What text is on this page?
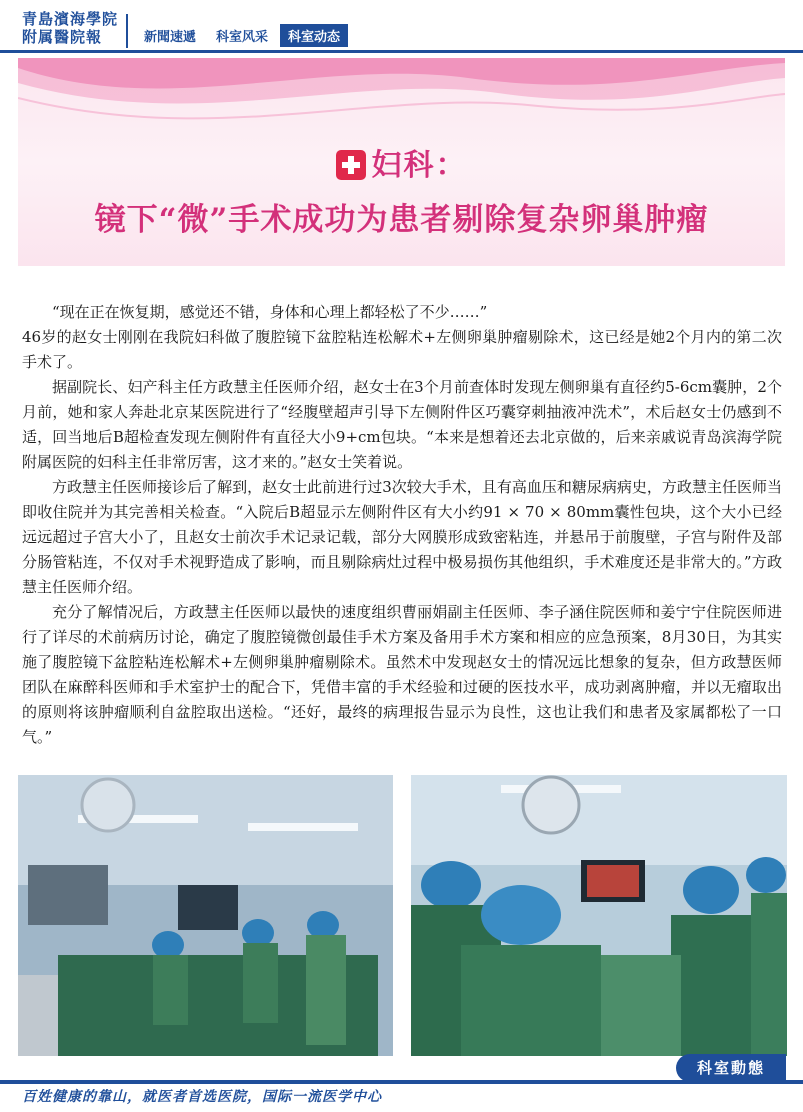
青島濱海學院
附属醫院報	新聞速遞	科室风采	科室动态
妇科：
镜下“微”手术成功为患者剔除复杂卵巢肿瘤

“现在正在恢复期，感觉还不错，身体和心理上都轻松了不少……”

46岁的赵女士刚刚在我院妇科做了腹腔镜下盆腔粘连松解术+左侧卵巢肿瘤剔除术，这已经是她2个月内的第二次手术了。

据副院长、妇产科主任方政慧主任医师介绍，赵女士在3个月前查体时发现左侧卵巢有直径约5-6cm囊肿，2个月前，她和家人奔赴北京某医院进行了“经腹壁超声引导下左侧附件区巧囊穿刺抽液冲洗术”，术后赵女士仍感到不适，回当地后B超检查发现左侧附件有直径大小9+cm包块。“本来是想着还去北京做的，后来亲戚说青岛滨海学院附属医院的妇科主任非常厉害，这才来的。”赵女士笑着说。

方政慧主任医师接诊后了解到，赵女士此前进行过3次较大手术，且有高血压和糖尿病病史，方政慧主任医师当即收住院并为其完善相关检查。“入院后B超显示左侧附件区有大小约91 × 70 × 80mm囊性包块，这个大小已经远远超过子宫大小了，且赵女士前次手术记录记载，部分大网膜形成致密粘连，并悬吊于前腹壁，子宫与附件及部分肠管粘连，不仅对手术视野造成了影响，而且剔除病灶过程中极易损伤其他组织，手术难度还是非常大的。”方政慧主任医师介绍。

充分了解情况后，方政慧主任医师以最快的速度组织曹丽娟副主任医师、李子涵住院医师和姜宁宁住院医师进行了详尽的术前病历讨论，确定了腹腔镜微创最佳手术方案及备用手术方案和相应的应急预案，8月30日，为其实施了腹腔镜下盆腔粘连松解术+左侧卵巢肿瘤剔除术。虽然术中发现赵女士的情况远比想象的复杂，但方政慧医师团队在麻醉科医师和手术室护士的配合下，凭借丰富的手术经验和过硬的医技水平，成功剥离肿瘤，并以无瘤取出的原则将该肿瘤顺利自盆腔取出送检。“还好，最终的病理报告显示为良性，这也让我们和患者及家属都松了一口气。”

科室動態
百姓健康的靠山，就医者首选医院，国际一流医学中心
